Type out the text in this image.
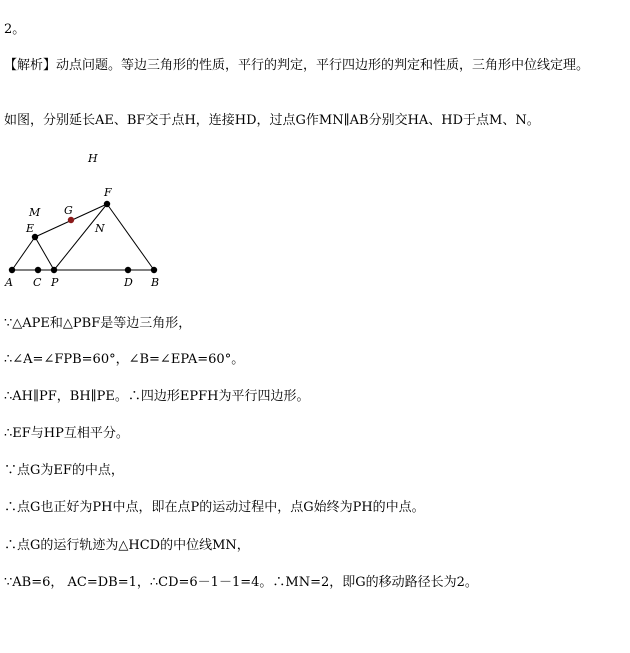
2。
【解析】动点问题。等边三角形的性质，平行的判定，平行四边形的判定和性质，三角形中位线定理。
如图，分别延长AE、BF交于点H，连接HD，过点G作MN∥AB分别交HA、HD于点M、N。
H
F
M G
N
E
A C P	D B
∵△APE和△PBF是等边三角形，
∴∠A=∠FPB=60°，∠B=∠EPA=60°。
∴AH∥PF，BH∥PE。∴四边形EPFH为平行四边形。
∴EF与HP互相平分。
∵点G为EF的中点，
∴点G也正好为PH中点，即在点P的运动过程中，点G始终为PH的中点。
∴点G的运行轨迹为△HCD的中位线MN，
∵AB=6， AC=DB=1，∴CD=6－1－1=4。∴MN=2，即G的移动路径长为2。
